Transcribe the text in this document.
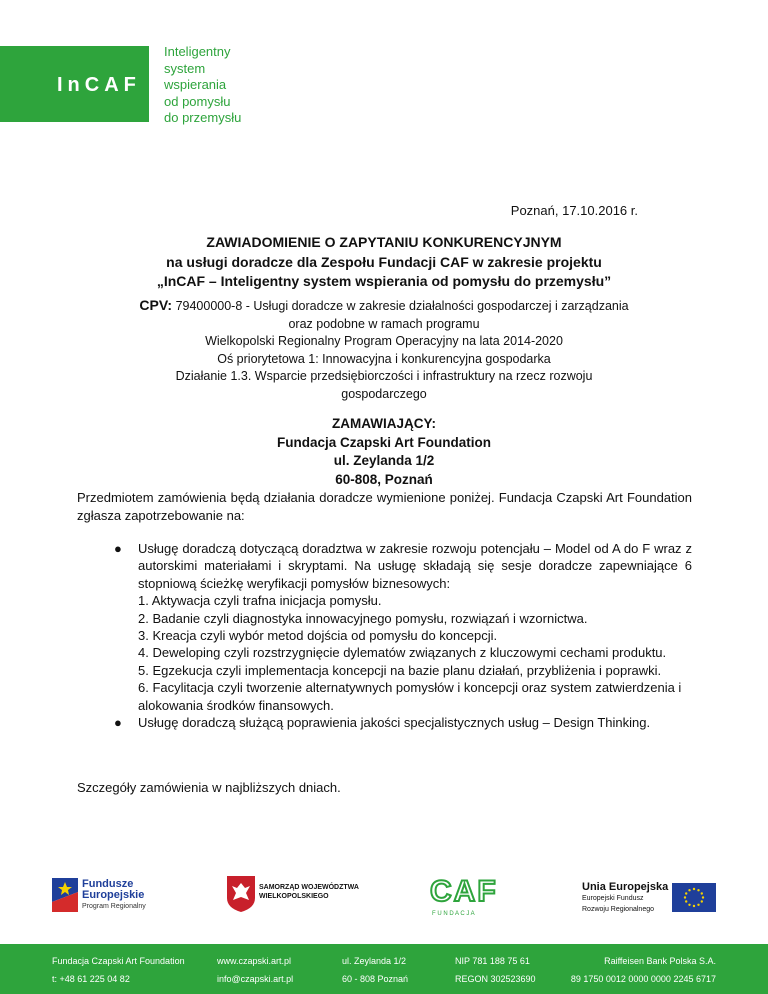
InCAF
Inteligentny
system
wspierania
od pomysłu
do przemysłu
Poznań, 17.10.2016 r.
ZAWIADOMIENIE O ZAPYTANIU KONKURENCYJNYM
na usługi doradcze dla Zespołu Fundacji CAF w zakresie projektu
„InCAF – Inteligentny system wspierania od pomysłu do przemysłu”
CPV: 79400000-8 - Usługi doradcze w zakresie działalności gospodarczej i zarządzania
oraz podobne w ramach programu
Wielkopolski Regionalny Program Operacyjny na lata 2014-2020
Oś priorytetowa 1: Innowacyjna i konkurencyjna gospodarka
Działanie 1.3. Wsparcie przedsiębiorczości i infrastruktury na rzecz rozwoju
gospodarczego
ZAMAWIAJĄCY:
Fundacja Czapski Art Foundation
ul. Zeylanda 1/2
60-808, Poznań
Przedmiotem zamówienia będą działania doradcze wymienione poniżej. Fundacja Czapski Art Foundation zgłasza zapotrzebowanie na:
● Usługę doradczą dotyczącą doradztwa w zakresie rozwoju potencjału – Model od A do F wraz z autorskimi materiałami i skryptami. Na usługę składają się sesje doradcze zapewniające 6 stopniową ścieżkę weryfikacji pomysłów biznesowych:
1. Aktywacja czyli trafna inicjacja pomysłu.
2. Badanie czyli diagnostyka innowacyjnego pomysłu, rozwiązań i wzornictwa.
3. Kreacja czyli wybór metod dojścia od pomysłu do koncepcji.
4. Deweloping czyli rozstrzygnięcie dylematów związanych z kluczowymi cechami produktu.
5. Egzekucja czyli implementacja koncepcji na bazie planu działań, przybliżenia i poprawki.
6. Facylitacja czyli tworzenie alternatywnych pomysłów i koncepcji oraz system zatwierdzenia i alokowania środków finansowych.
● Usługę doradczą służącą poprawienia jakości specjalistycznych usług – Design Thinking.
Szczegóły zamówienia w najbliższych dniach.
Fundusze
Europejskie
Program Regionalny
SAMORZĄD WOJEWÓDZTWA
WIELKOPOLSKIEGO	CAF
F U N D A C J A
Unia Europejska
Europejski Fundusz
Rozwoju Regionalnego
Fundacja Czapski Art Foundation
t: +48 61 225 04 82
www.czapski.art.pl
info@czapski.art.pl
ul. Zeylanda 1/2
60 - 808 Poznań
NIP 781 188 75 61
REGON 302523690
Raiffeisen Bank Polska S.A.
89 1750 0012 0000 0000 2245 6717
